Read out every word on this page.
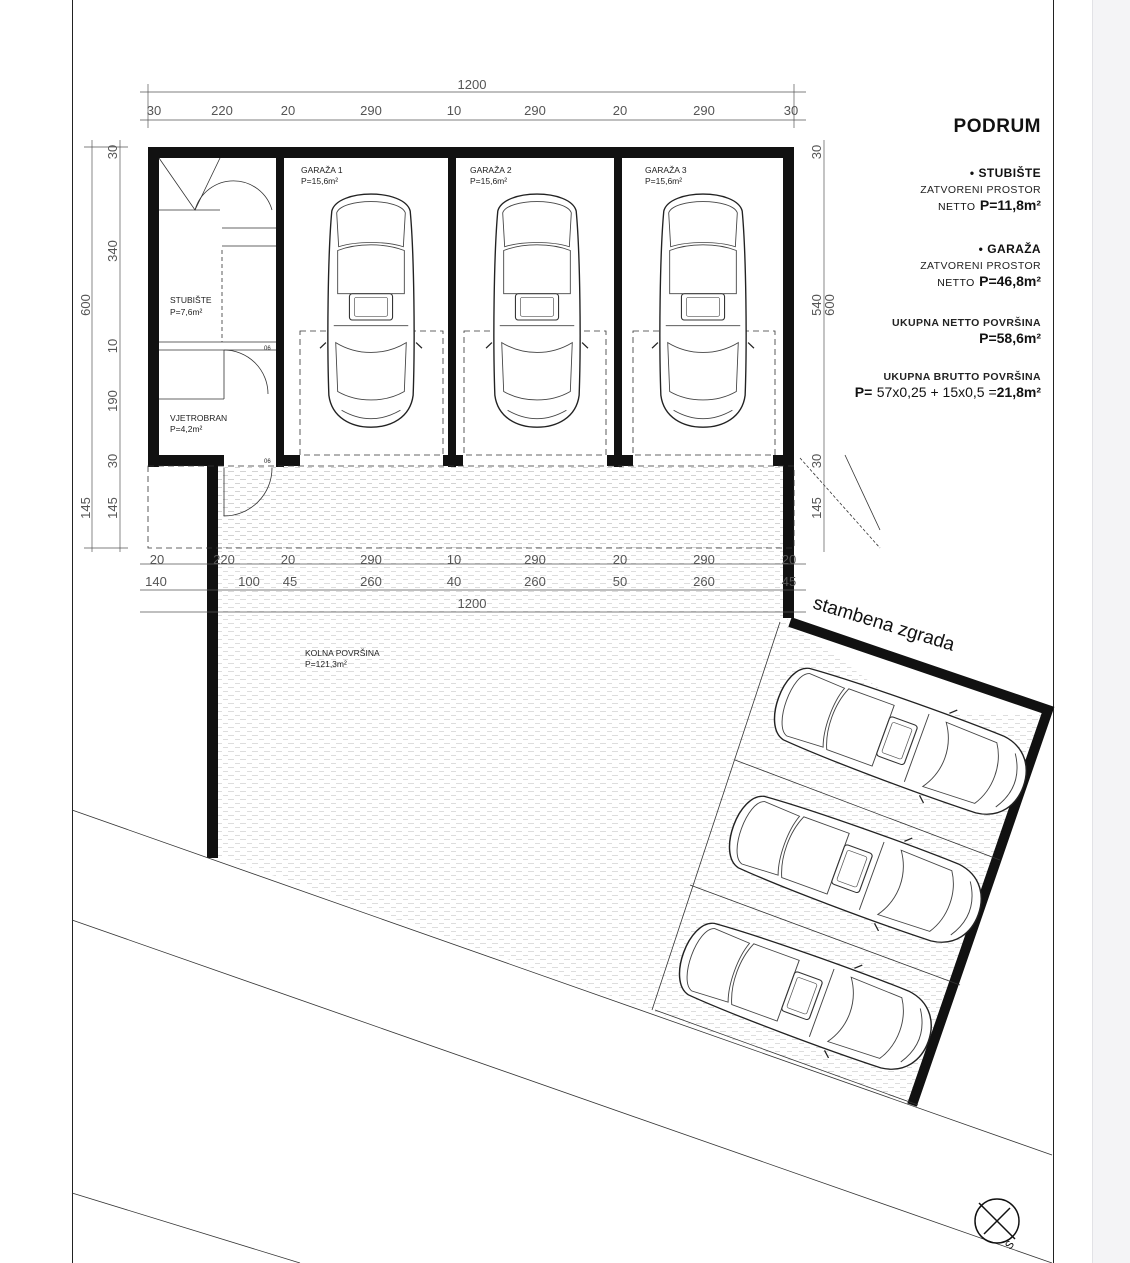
GARAŽA 1
P=15,6m²
GARAŽA 2
P=15,6m²
GARAŽA 3
P=15,6m²
STUBIŠTE
P=7,6m²
VJETROBRAN
P=4,2m²
KOLNA POVRŠINA
P=121,3m²
06
06
stambena zgrada
S
1200
30	220	20	290	10	290	20	290	30
20	220	20	290	10	290	20	290	20
140	100 45	260	40	260	50	260	45
1200
600
145
30
340
10
190
30
145
30
540
30
145
600
PODRUM
• STUBIŠTE
ZATVORENI PROSTOR
NETTO P=11,8m²
• GARAŽA
ZATVORENI PROSTOR
NETTO P=46,8m²
UKUPNA NETTO POVRŠINA
P=58,6m²
UKUPNA BRUTTO POVRŠINA
P= 57x0,25 + 15x0,5 =21,8m²
